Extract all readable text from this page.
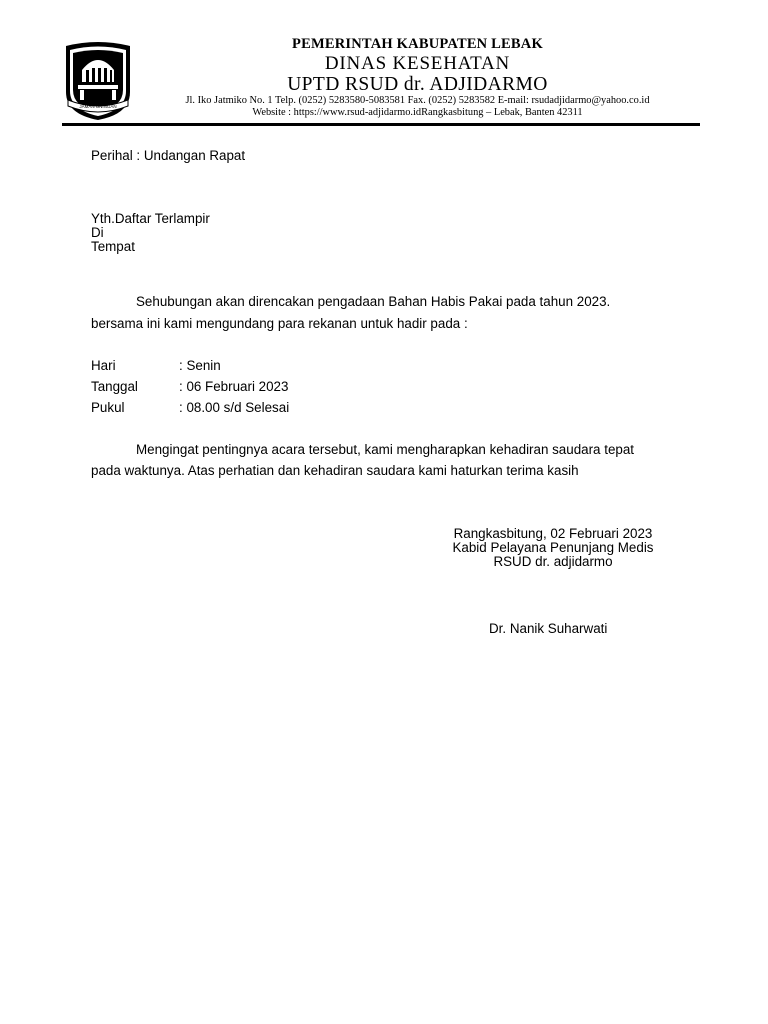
JAMAN UNINGAN
PEMERINTAH KABUPATEN LEBAK
DINAS KESEHATAN
UPTD RSUD dr. ADJIDARMO
Jl. Iko Jatmiko No. 1 Telp. (0252) 5283580-5083581 Fax. (0252) 5283582 E-mail: rsudadjidarmo@yahoo.co.id
Website : https://www.rsud-adjidarmo.idRangkasbitung – Lebak, Banten 42311
Perihal : Undangan Rapat
Yth.Daftar Terlampir
Di
Tempat
Sehubungan akan direncakan pengadaan Bahan Habis Pakai pada tahun 2023.
bersama ini kami mengundang para rekanan untuk hadir pada :
Hari	: Senin
Tanggal	: 06 Februari 2023
Pukul	: 08.00 s/d Selesai
Mengingat pentingnya acara tersebut, kami mengharapkan kehadiran saudara tepat
pada waktunya. Atas perhatian dan kehadiran saudara kami haturkan terima kasih
Rangkasbitung, 02 Februari 2023
Kabid Pelayana Penunjang Medis
RSUD dr. adjidarmo
Dr. Nanik Suharwati
